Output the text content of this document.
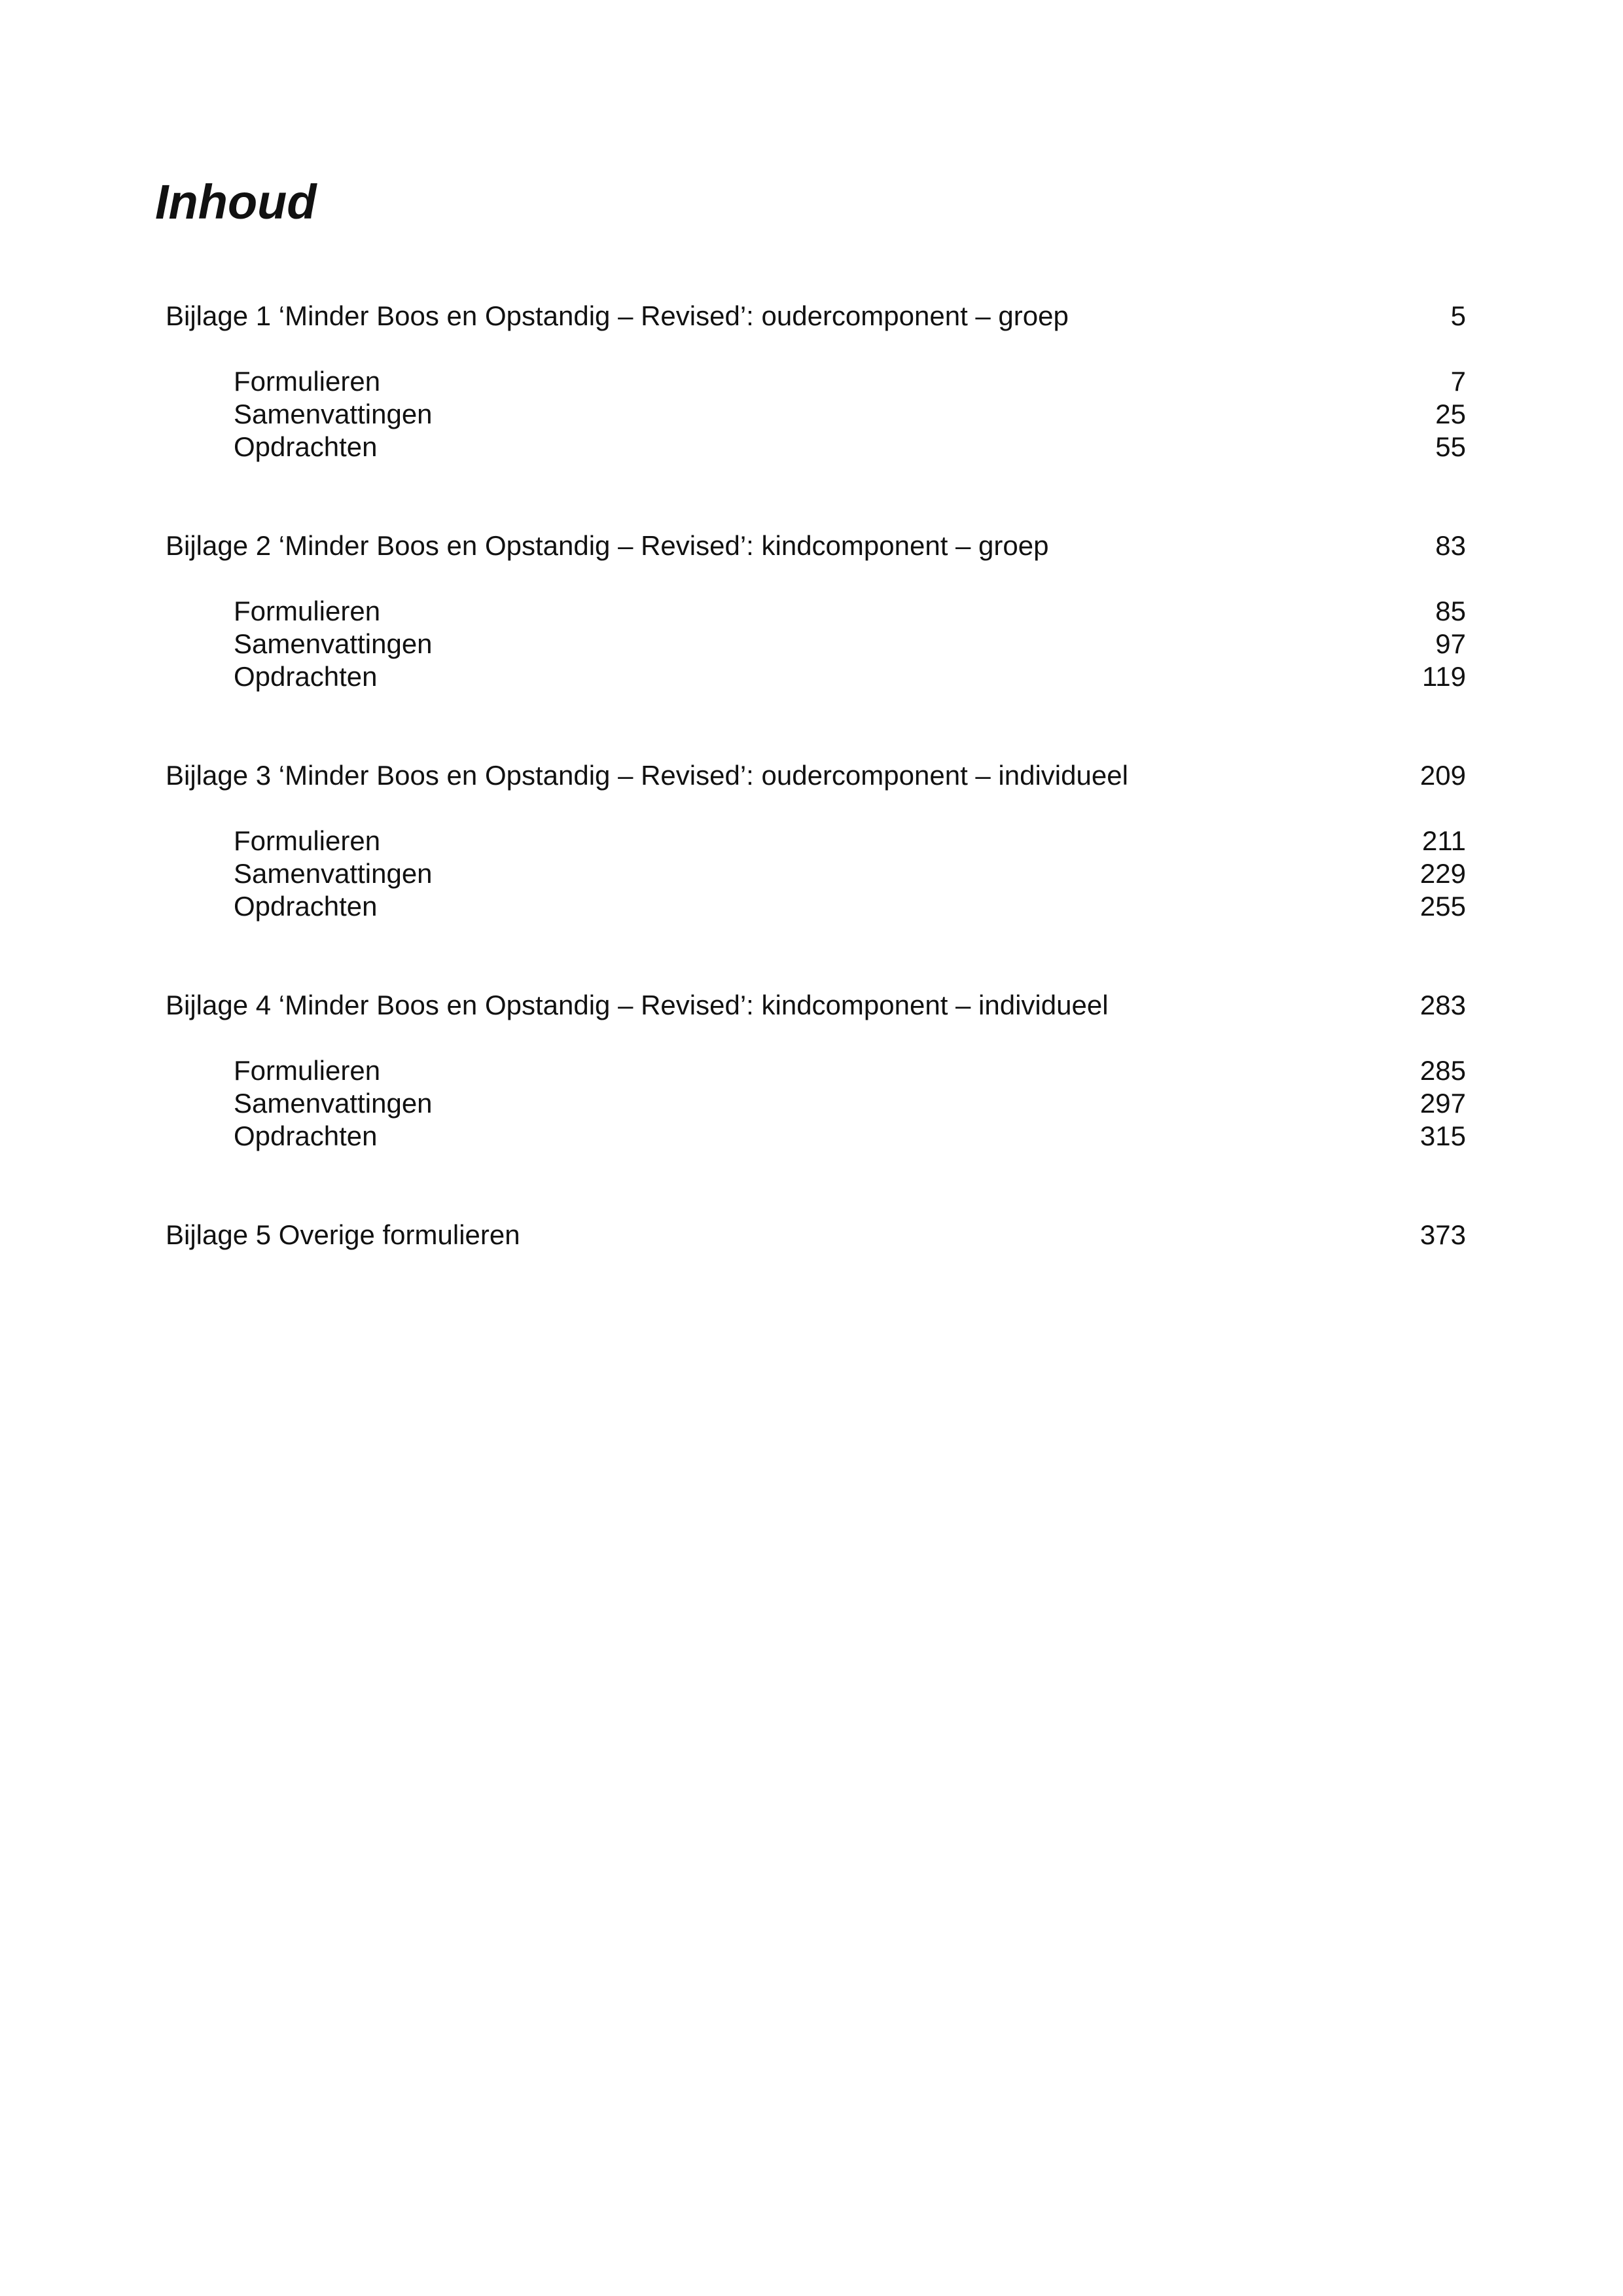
Inhoud
Bijlage 1 ‘Minder Boos en Opstandig – Revised’: oudercomponent – groep	5
Formulieren	7
Samenvattingen	25
Opdrachten	55
Bijlage 2 ‘Minder Boos en Opstandig – Revised’: kindcomponent – groep	83
Formulieren	85
Samenvattingen	97
Opdrachten	119
Bijlage 3 ‘Minder Boos en Opstandig – Revised’: oudercomponent – individueel	209
Formulieren	211
Samenvattingen	229
Opdrachten	255
Bijlage 4 ‘Minder Boos en Opstandig – Revised’: kindcomponent – individueel	283
Formulieren	285
Samenvattingen	297
Opdrachten	315
Bijlage 5 Overige formulieren	373
